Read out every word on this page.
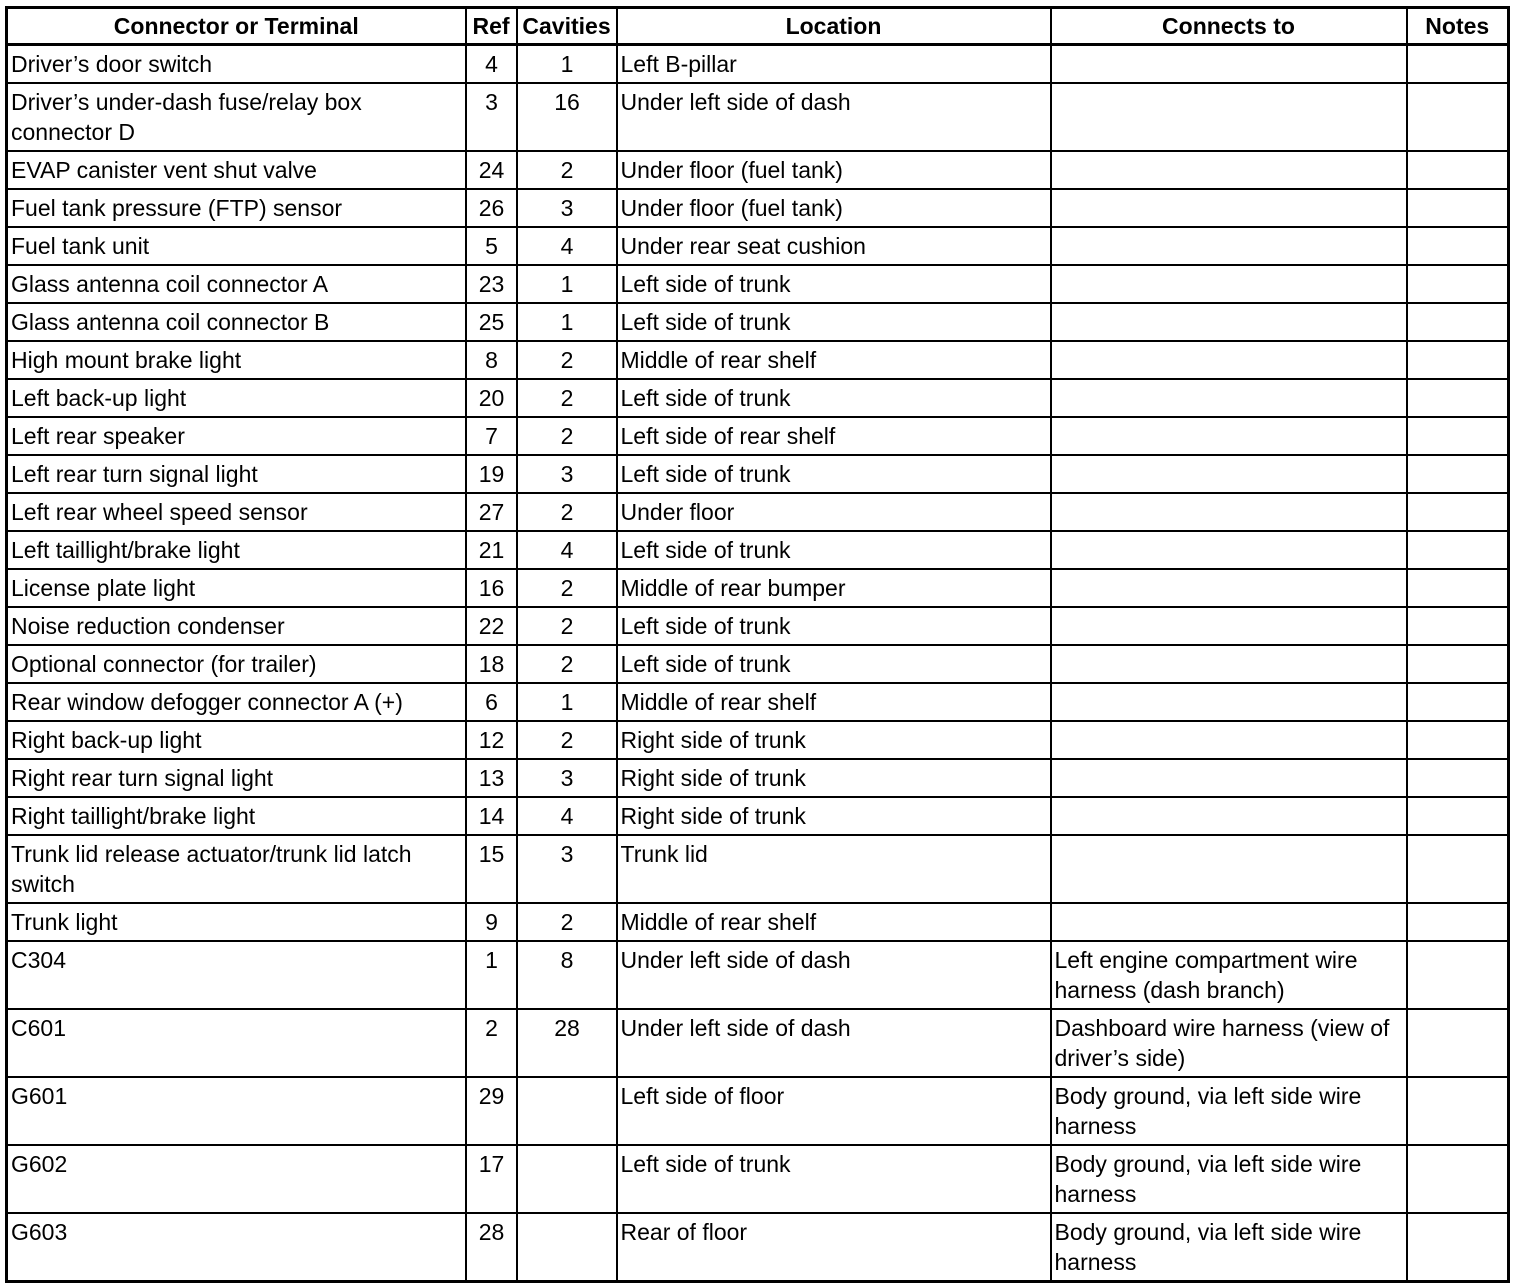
Connector or Terminal	Ref	Cavities	Location	Connects to	Notes
Driver’s door switch	4	1	Left B-pillar		
Driver’s under-dash fuse/relay box connector D	3	16	Under left side of dash		
EVAP canister vent shut valve	24	2	Under floor (fuel tank)		
Fuel tank pressure (FTP) sensor	26	3	Under floor (fuel tank)		
Fuel tank unit	5	4	Under rear seat cushion		
Glass antenna coil connector A	23	1	Left side of trunk		
Glass antenna coil connector B	25	1	Left side of trunk		
High mount brake light	8	2	Middle of rear shelf		
Left back-up light	20	2	Left side of trunk		
Left rear speaker	7	2	Left side of rear shelf		
Left rear turn signal light	19	3	Left side of trunk		
Left rear wheel speed sensor	27	2	Under floor		
Left taillight/brake light	21	4	Left side of trunk		
License plate light	16	2	Middle of rear bumper		
Noise reduction condenser	22	2	Left side of trunk		
Optional connector (for trailer)	18	2	Left side of trunk		
Rear window defogger connector A (+)	6	1	Middle of rear shelf		
Right back-up light	12	2	Right side of trunk		
Right rear turn signal light	13	3	Right side of trunk		
Right taillight/brake light	14	4	Right side of trunk		
Trunk lid release actuator/trunk lid latch switch	15	3	Trunk lid		
Trunk light	9	2	Middle of rear shelf		
C304	1	8	Under left side of dash	Left engine compartment wire harness (dash branch)	
C601	2	28	Under left side of dash	Dashboard wire harness (view of driver’s side)	
G601	29		Left side of floor	Body ground, via left side wire harness	
G602	17		Left side of trunk	Body ground, via left side wire harness	
G603	28		Rear of floor	Body ground, via left side wire harness	
